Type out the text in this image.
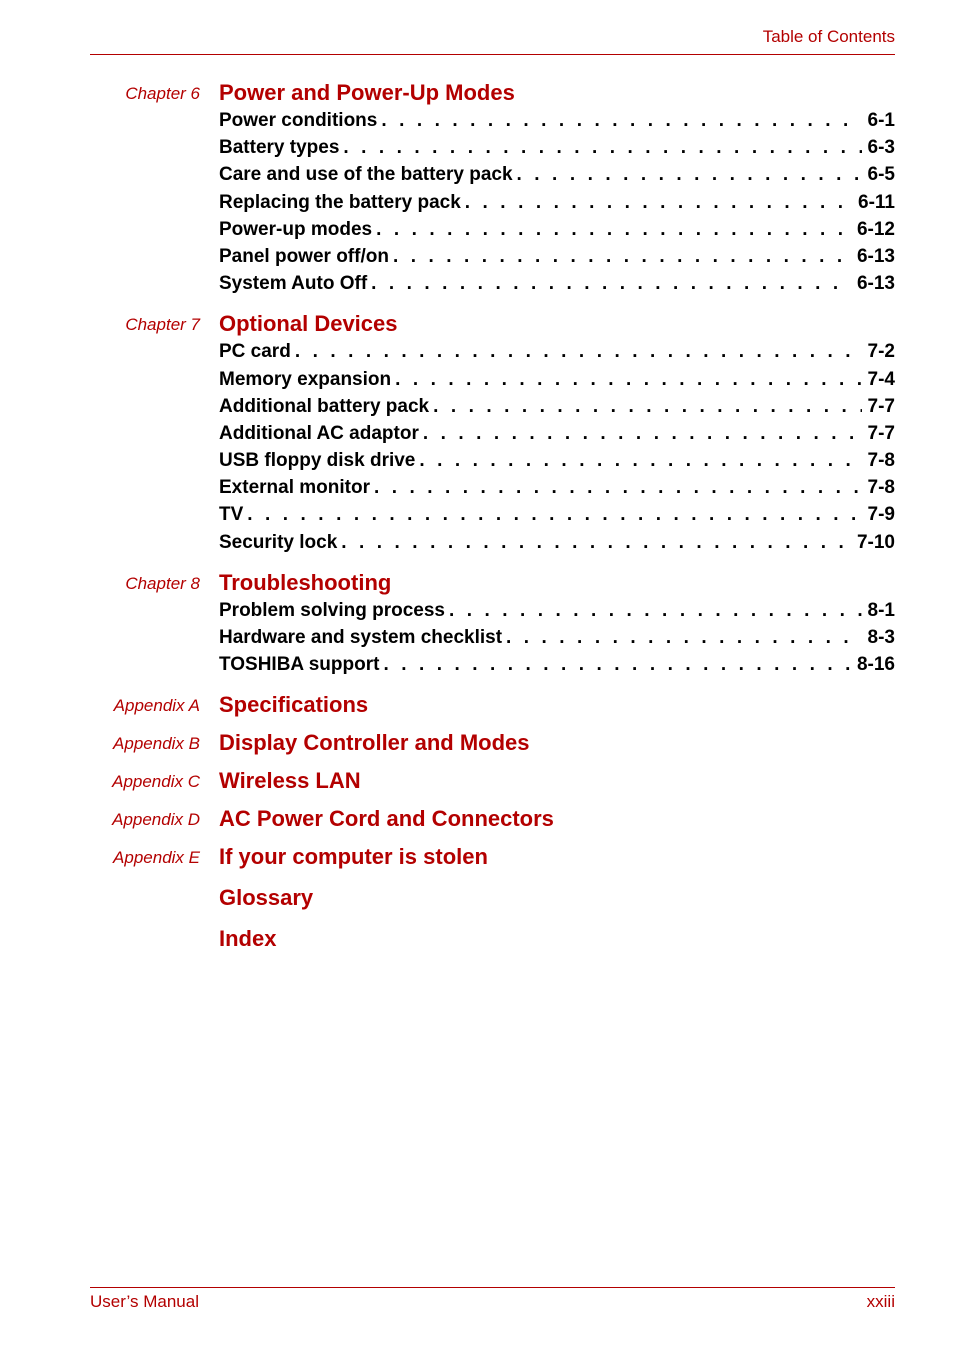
Table of Contents
Chapter 6 Power and Power-Up Modes
Power conditions . . .	6-1
Battery types . . .	6-3
Care and use of the battery pack . . .	6-5
Replacing the battery pack . . .	6-11
Power-up modes . . .	6-12
Panel power off/on . . .	6-13
System Auto Off . . .	6-13
Chapter 7 Optional Devices
PC card . . .	7-2
Memory expansion . . .	7-4
Additional battery pack . . .	7-7
Additional AC adaptor . . .	7-7
USB floppy disk drive . . .	7-8
External monitor . . .	7-8
TV . . .	7-9
Security lock . . .	7-10
Chapter 8 Troubleshooting
Problem solving process . . .	8-1
Hardware and system checklist . . .	8-3
TOSHIBA support . . .	8-16
Appendix A Specifications
Appendix B Display Controller and Modes
Appendix C Wireless LAN
Appendix D AC Power Cord and Connectors
Appendix E If your computer is stolen
Glossary
Index
User’s Manual	xxiii
